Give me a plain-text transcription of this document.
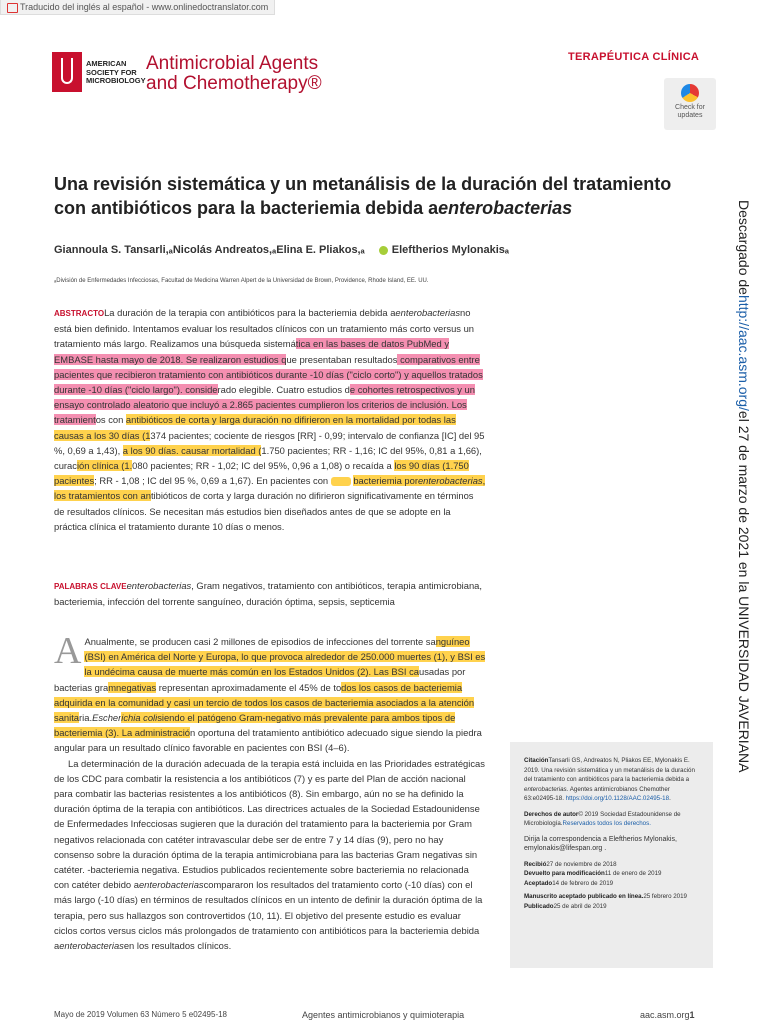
Traducido del inglés al español - www.onlinedoctranslator.com
AMERICAN
SOCIETY FOR
MICROBIOLOGY
Antimicrobial Agents and Chemotherapy®
TERAPÉUTICA CLÍNICA
Check for updates
Una revisión sistemática y un metanálisis de la duración del tratamiento con antibióticos para la bacteriemia debida aenterobacterias
Giannoula S. Tansarli,ₐNicolás Andreatos,ₐElina E. Pliakos,ₐ Eleftherios Mylonakisₐ
ₐDivisión de Enfermedades Infecciosas, Facultad de Medicina Warren Alpert de la Universidad de Brown, Providence, Rhode Island, EE. UU.
ABSTRACTOLa duración de la terapia con antibióticos para la bacteriemia debida aenterobacteriasno está bien definido. Intentamos evaluar los resultados clínicos con un tratamiento más corto versus un tratamiento más largo. Realizamos una búsqueda sistemática en las bases de datos PubMed y EMBASE hasta mayo de 2018. Se realizaron estudios que presentaban resultados comparativos entre pacientes que recibieron tratamiento con antibióticos durante -10 días ("ciclo corto") y aquellos tratados durante -10 días ("ciclo largo"). considerado elegible. Cuatro estudios de cohortes retrospectivos y un ensayo controlado aleatorio que incluyó a 2.865 pacientes cumplieron los criterios de inclusión. Los tratamientos con antibióticos de corta y larga duración no difirieron en la mortalidad por todas las causas a los 30 días (1374 pacientes; cociente de riesgos [RR] - 0,99; intervalo de confianza [IC] del 95 %, 0,69 a 1,43), a los 90 días. causar mortalidad (1.750 pacientes; RR - 1,16; IC del 95%, 0,81 a 1,66), curación clínica (1.080 pacientes; RR - 1,02; IC del 95%, 0,96 a 1,08) o recaída a los 90 días (1.750 pacientes; RR - 1,08 ; IC del 95 %, 0,69 a 1,67). En pacientes con  bacteriemia porenterobacterias, los tratamientos con antibióticos de corta y larga duración no difirieron significativamente en términos de resultados clínicos. Se necesitan más estudios bien diseñados antes de que se adopte en la práctica clínica el tratamiento durante 10 días o menos.
PALABRAS CLAVEenterobacterias, Gram negativos, tratamiento con antibióticos, terapia antimicrobiana, bacteriemia, infección del torrente sanguíneo, duración óptima, sepsis, septicemia
A Anualmente, se producen casi 2 millones de episodios de infecciones del torrente sanguíneo (BSI) en América del Norte y Europa, lo que provoca alrededor de 250.000 muertes (1), y BSI es la undécima causa de muerte más común en los Estados Unidos (2). Las BSI causadas por bacterias gramnegativas representan aproximadamente el 45% de todos los casos de bacteriemia adquirida en la comunidad y casi un tercio de todos los casos de bacteriemia asociados a la atención sanitaria.Escherichia colisiendo el patógeno Gram-negativo más prevalente para ambos tipos de bacteriemia (3). La administración oportuna del tratamiento antibiótico adecuado sigue siendo la piedra angular para un resultado clínico favorable en pacientes con BSI (4–6).
La determinación de la duración adecuada de la terapia está incluida en las Prioridades estratégicas de los CDC para combatir la resistencia a los antibióticos (7) y es parte del Plan de acción nacional para combatir las bacterias resistentes a los antibióticos (8). Sin embargo, aún no se ha definido la duración óptima de la terapia con antibióticos. Las directrices actuales de la Sociedad Estadounidense de Enfermedades Infecciosas sugieren que la duración del tratamiento para la bacteriemia por Gram negativos relacionada con catéter intravascular debe ser de entre 7 y 14 días (9), pero no hay consenso sobre la duración óptima de la terapia antimicrobiana para las bacterias Gram negativas sin catéter. -bacteriemia negativa. Estudios publicados recientemente sobre bacteriemia no relacionada con catéter debido aenterobacteriascompararon los resultados del tratamiento corto (-10 días) con el más largo (-10 días) en términos de resultados clínicos en un intento de definir la duración óptima de la terapia, pero sus hallazgos son controvertidos (10, 11). El objetivo del presente estudio es evaluar ciclos cortos versus ciclos más prolongados de tratamiento con antibióticos para la bacteriemia debida aenterobacteriasen los resultados clínicos.

CitaciónTansarli GS, Andreatos N, Pliakos EE, Mylonakis E. 2019. Una revisión sistemática y un metanálisis de la duración del tratamiento con antibióticos para la bacteriemia debida a enterobacterias. Agentes antimicrobianos Chemother 63:e02495-18. https://doi.org/10.1128/AAC.02495-18.

Derechos de autor© 2019 Sociedad Estadounidense de Microbiología.Reservados todos los derechos.

Dirija la correspondencia a Eleftherios Mylonakis, emylonakis@lifespan.org .

Recibió27 de noviembre de 2018
Devuelto para modificación11 de enero de 2019
Aceptado14 de febrero de 2019
Manuscrito aceptado publicado en línea.25 febrero 2019
Publicado25 de abril de 2019
Descargado dehttp://aac.asm.org/el 27 de marzo de 2021 en la UNIVERSIDAD JAVERIANA
Mayo de 2019 Volumen 63 Número 5 e02495-18	Agentes antimicrobianos y quimioterapia	aac.asm.org1
